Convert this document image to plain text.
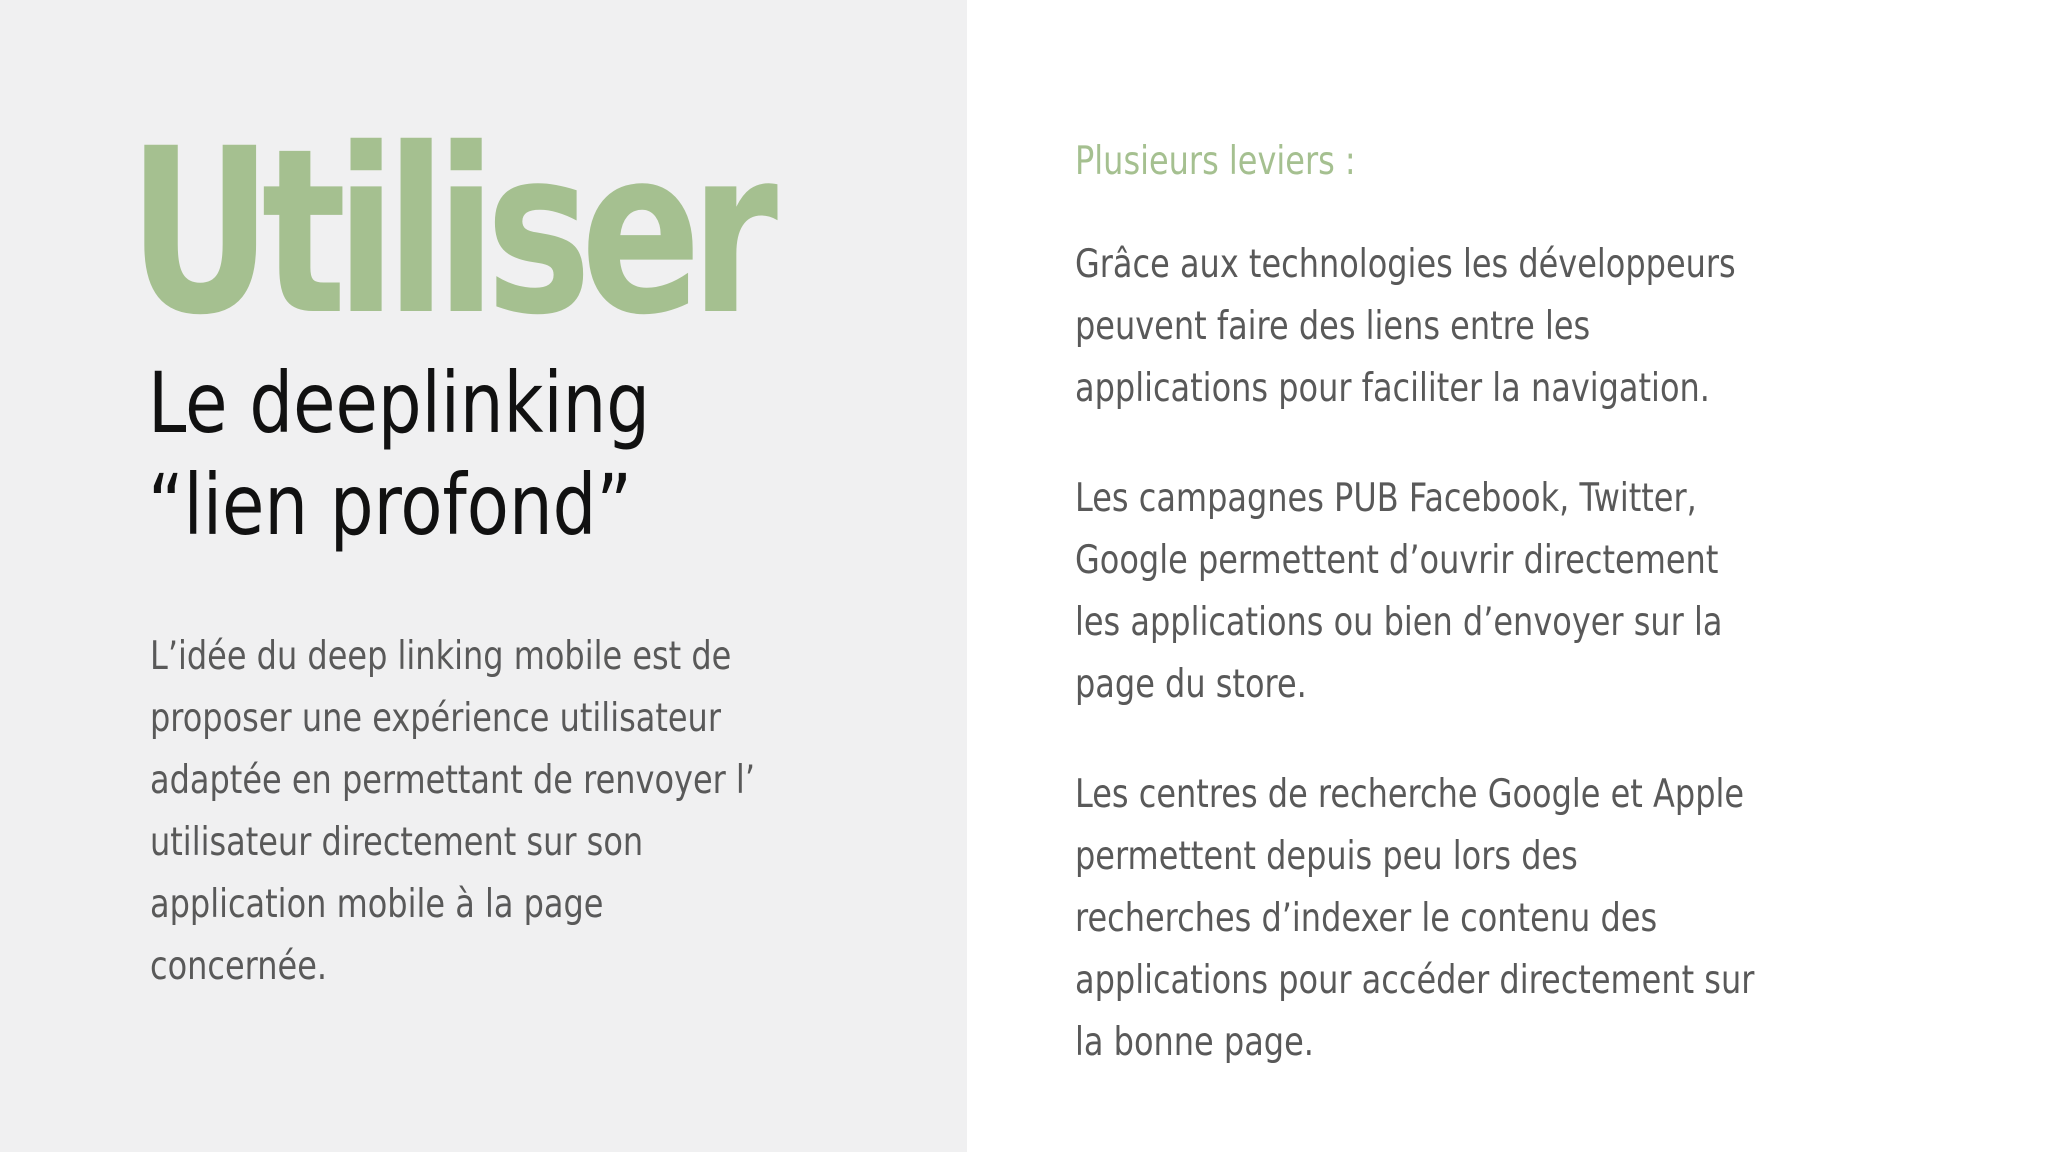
Utiliser
Le deeplinking
“lien profond”

L’idée du deep linking mobile est de
proposer une expérience utilisateur
adaptée en permettant de renvoyer l’
utilisateur directement sur son
application mobile à la page
concernée.

Plusieurs leviers :

Grâce aux technologies les développeurs
peuvent faire des liens entre les
applications pour faciliter la navigation.

Les campagnes PUB Facebook, Twitter,
Google permettent d’ouvrir directement
les applications ou bien d’envoyer sur la
page du store.

Les centres de recherche Google et Apple
permettent depuis peu lors des
recherches d’indexer le contenu des
applications pour accéder directement sur
la bonne page.
